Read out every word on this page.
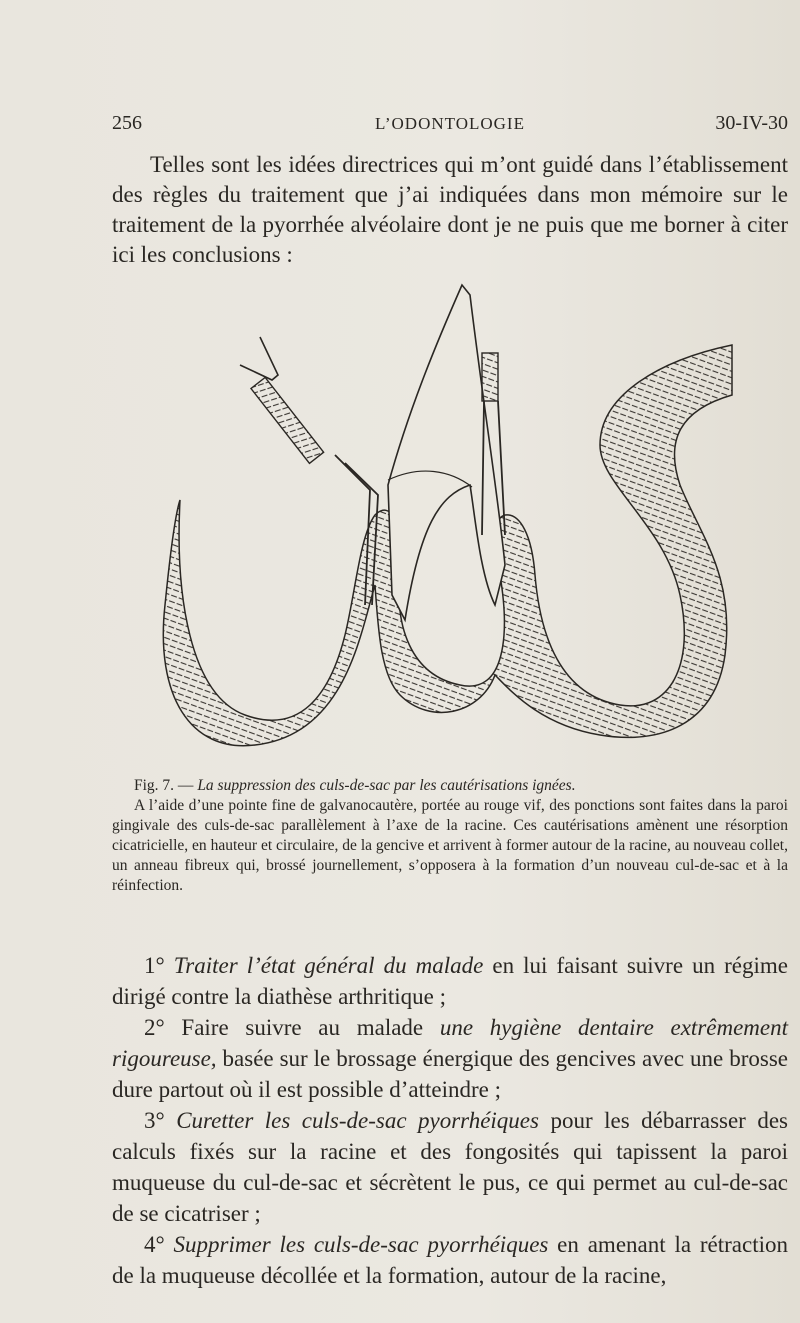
256	L’ODONTOLOGIE	30-IV-30

Telles sont les idées directrices qui m’ont guidé dans l’établissement des règles du traitement que j’ai indiquées dans mon mémoire sur le traitement de la pyorrhée alvéolaire dont je ne puis que me borner à citer ici les conclusions :

Fig. 7. — La suppression des culs-de-sac par les cautérisations ignées.
A l’aide d’une pointe fine de galvanocautère, portée au rouge vif, des ponctions sont faites dans la paroi gingivale des culs-de-sac parallèlement à l’axe de la racine. Ces cautérisations amènent une résorption cicatricielle, en hauteur et circulaire, de la gencive et arrivent à former autour de la racine, au nouveau collet, un anneau fibreux qui, brossé journellement, s’opposera à la formation d’un nouveau cul-de-sac et à la réinfection.

1° Traiter l’état général du malade en lui faisant suivre un régime dirigé contre la diathèse arthritique ;

2° Faire suivre au malade une hygiène dentaire extrêmement rigoureuse, basée sur le brossage énergique des gencives avec une brosse dure partout où il est possible d’atteindre ;

3° Curetter les culs-de-sac pyorrhéiques pour les débarrasser des calculs fixés sur la racine et des fongosités qui tapissent la paroi muqueuse du cul-de-sac et sécrètent le pus, ce qui permet au cul-de-sac de se cicatriser ;

4° Supprimer les culs-de-sac pyorrhéiques en amenant la rétraction de la muqueuse décollée et la formation, autour de la racine,
